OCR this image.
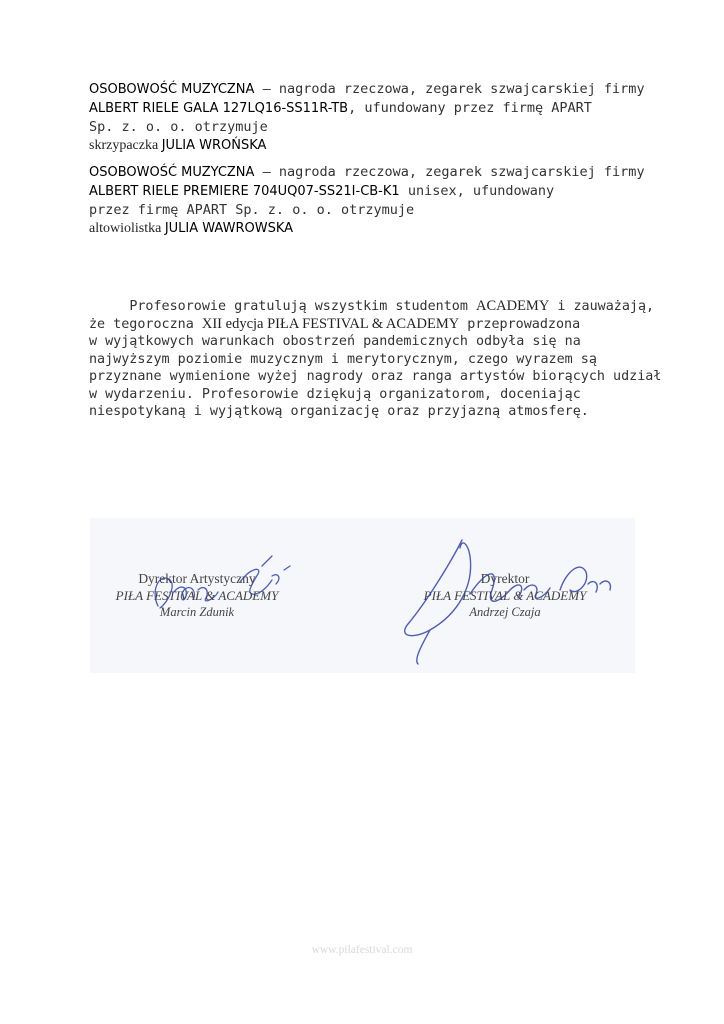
OSOBOWOŚĆ MUZYCZNA – nagroda rzeczowa, zegarek szwajcarskiej firmy

ALBERT RIELE GALA 127LQ16-SS11R-TB, ufundowany przez firmę APART

Sp. z. o. o. otrzymuje

skrzypaczka JULIA WROŃSKA

OSOBOWOŚĆ MUZYCZNA – nagroda rzeczowa, zegarek szwajcarskiej firmy

ALBERT RIELE PREMIERE 704UQ07-SS21I-CB-K1 unisex, ufundowany

przez firmę APART Sp. z. o. o. otrzymuje

altowiolistka JULIA WAWROWSKA

Profesorowie gratulują wszystkim studentom ACADEMY i zauważają,

że tegoroczna XII edycja PIŁA FESTIVAL & ACADEMY przeprowadzona

w wyjątkowych warunkach obostrzeń pandemicznych odbyła się na

najwyższym poziomie muzycznym i merytorycznym, czego wyrazem są

przyznane wymienione wyżej nagrody oraz ranga artystów biorących udział

w wydarzeniu. Profesorowie dziękują organizatorom, doceniając

niespotykaną i wyjątkową organizację oraz przyjazną atmosferę.

Dyrektor Artystyczny
PIŁA FESTIVAL & ACADEMY
Marcin Zdunik
Dyrektor
PIŁA FESTIVAL & ACADEMY
Andrzej Czaja
www.pilafestival.com
